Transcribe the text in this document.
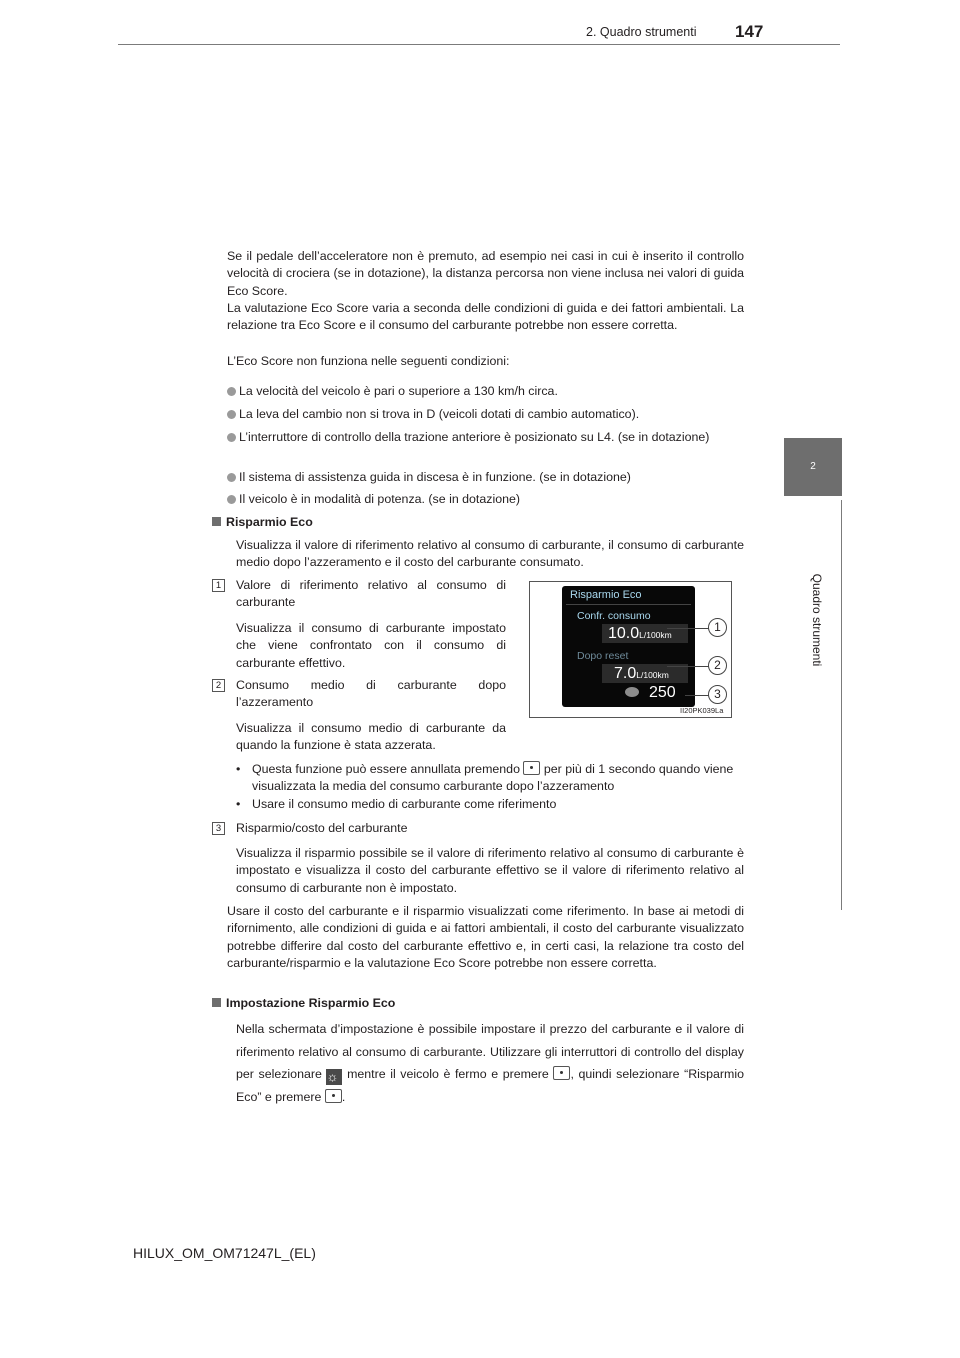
2. Quadro strumenti 147
2
Quadro strumenti
Se il pedale dell’acceleratore non è premuto, ad esempio nei casi in cui è inserito il controllo velocità di crociera (se in dotazione), la distanza percorsa non viene inclusa nei valori di guida Eco Score.
La valutazione Eco Score varia a seconda delle condizioni di guida e dei fattori ambientali. La relazione tra Eco Score e il consumo del carburante potrebbe non essere corretta.
L’Eco Score non funziona nelle seguenti condizioni:
La velocità del veicolo è pari o superiore a 130 km/h circa.
La leva del cambio non si trova in D (veicoli dotati di cambio automatico).
L’interruttore di controllo della trazione anteriore è posizionato su L4. (se in dotazione)
Il sistema di assistenza guida in discesa è in funzione. (se in dotazione)
Il veicolo è in modalità di potenza. (se in dotazione)
Risparmio Eco
Visualizza il valore di riferimento relativo al consumo di carburante, il consumo di carburante medio dopo l’azzeramento e il costo del carburante consumato.
1	Valore di riferimento relativo al consumo di carburante
Visualizza il consumo di carburante impostato che viene confrontato con il consumo di carburante effettivo.
2	Consumo medio di carburante dopo l’azzeramento
Visualizza il consumo medio di carburante da quando la funzione è stata azzerata.
Risparmio Eco
Confr. consumo
10.0L/100km
Dopo reset
7.0L/100km
250
1
2
3
II20PK039La
• Questa funzione può essere annullata premendo per più di 1 secondo quando viene visualizzata la media del consumo carburante dopo l’azzeramento
• Usare il consumo medio di carburante come riferimento
3	Risparmio/costo del carburante
Visualizza il risparmio possibile se il valore di riferimento relativo al consumo di carburante è impostato e visualizza il costo del carburante effettivo se il valore di riferimento relativo al consumo di carburante non è impostato.
Usare il costo del carburante e il risparmio visualizzati come riferimento. In base ai metodi di rifornimento, alle condizioni di guida e ai fattori ambientali, il costo del carburante visualizzato potrebbe differire dal costo del carburante effettivo e, in certi casi, la relazione tra costo del carburante/risparmio e la valutazione Eco Score potrebbe non essere corretta.
Impostazione Risparmio Eco
Nella schermata d’impostazione è possibile impostare il prezzo del carburante e il valore di riferimento relativo al consumo di carburante. Utilizzare gli interruttori di controllo del display per selezionare ☼ mentre il veicolo è fermo e premere , quindi selezionare “Risparmio Eco” e premere .
HILUX_OM_OM71247L_(EL)
